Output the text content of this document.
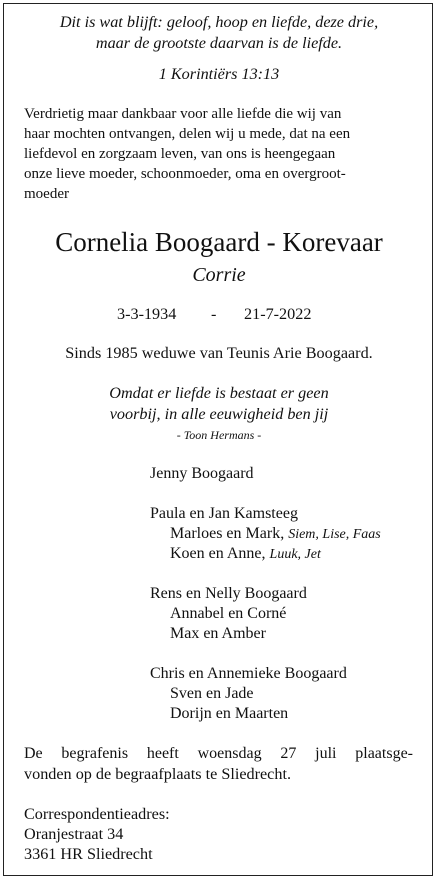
Dit is wat blijft: geloof, hoop en liefde, deze drie,
maar de grootste daarvan is de liefde.
1 Korintiërs 13:13
Verdrietig maar dankbaar voor alle liefde die wij van
haar mochten ontvangen, delen wij u mede, dat na een
liefdevol en zorgzaam leven, van ons is heengegaan
onze lieve moeder, schoonmoeder, oma en overgroot-
moeder
Cornelia Boogaard - Korevaar
Corrie
3-3-1934 - 21-7-2022
Sinds 1985 weduwe van Teunis Arie Boogaard.
Omdat er liefde is bestaat er geen
voorbij, in alle eeuwigheid ben jij
- Toon Hermans -
Jenny Boogaard
Paula en Jan Kamsteeg
Marloes en Mark, Siem, Lise, Faas
Koen en Anne, Luuk, Jet
Rens en Nelly Boogaard
Annabel en Corné
Max en Amber
Chris en Annemieke Boogaard
Sven en Jade
Dorijn en Maarten
De begrafenis heeft woensdag 27 juli plaatsge-
vonden op de begraafplaats te Sliedrecht.
Correspondentieadres:
Oranjestraat 34
3361 HR Sliedrecht
